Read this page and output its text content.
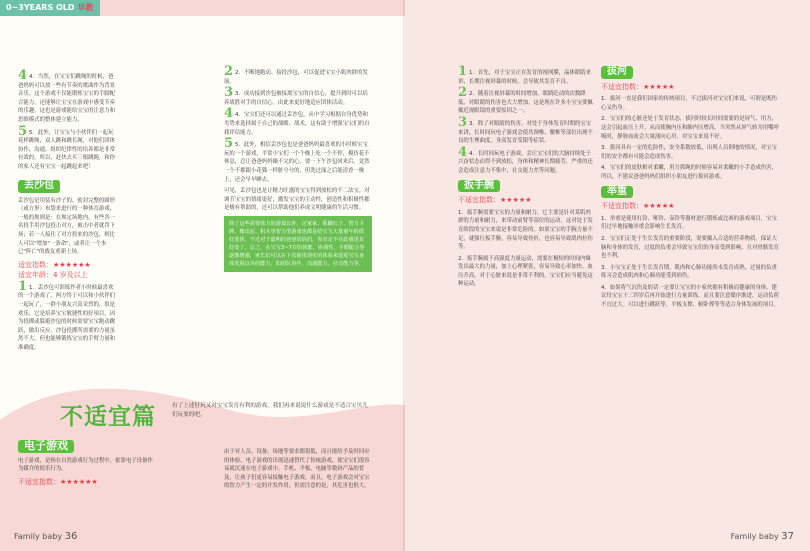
0~3YEARS OLD 早教

4 4．当然，在宝宝们跳绳的时候，爸爸妈妈可以放一些有节奏的歌曲作为背景音乐。这个游戏不仅能锻炼宝宝的手脚配合能力，还能够让宝宝在游戏中感受节奏的乐趣，这也是游戏能给宝宝的注意力和思维模式的整体建立能力。

5 5．此外，让宝宝与小伙伴们一起玩花样跳绳，双人跳和跳长绳，对他们团体协作、沟通、组织纪律性的培养都是非常有效的，所以，赶快去买三根跳绳，和你的家人还有宝宝一起跳起来吧！

丢沙包

丢沙包是用装有沙子的、密封完整的圆形（或方形）布袋来进行的一种体育游戏，一般的规则是：在规定场地内，有些各一名投手用沙包投击对方，被击中者就罚下场；若一人接住了对方投来的沙包，则比人可以"增加"一条命"，或者让一个本已"阵亡"的战友重新上场。

适宜指数：★★★★★★
适宜年龄：4 岁及以上

1 1．丢沙包可训练作者小时候最喜欢的一个游戏了，两方终于可以和小伙伴们一起玩了，一群小朋友兴高采烈的，很是欢乐。它是培养宝宝敏捷性的好项目，因为投掷或躲避沙包的时候需要宝宝跑动跳跃，做出反应。沙包投掷所需要的力量虽然不大，但也能够锻炼宝宝的手臂力量和准确度。

2 2．不断地跑动、接投沙包，可以促进宝宝小肌肉群的发展。

3 3．成功接到沙包被接离宝宝的自信心，提升到时可以培养战胜对手的自信心。由此来更好地适应团体活动。

4 4．宝宝们还可以通过丢沙包，从中学习根据自身优势和劣势来选择属于自己的战略、战术，这有助于增强宝宝们的自我评估能力。

5 5．此外，相信丢沙包也是爸爸妈妈最喜欢的小时候宝宝玩的一个游戏，平常小宝们一个个晚上吃一个不停，模仿花不休息，总让爸爸妈妈操不完的心，要一下午沙包回来后，竟然一个不都跟小花猫一样脏兮兮的，但洗过澡之后能清香一晚上，还会早早睡去。

可见，丢沙包也是让精力旺盛的宝宝得到放松的不二法宝。对调节宝宝的情绪更好，激发宝宝的主动性，创造性和积极性都是极有帮助的，还可以帮助他们养成文明健康的生活习惯。

除了这些需要体力的游戏以外，过家家、抓蝴石子、智力卡牌、橡皮泥、积木等智力型游戏也都是给宝宝大量童年的很好选择，不过对于聪明的爸爸妈妈们，你肯定不在此重述其好处了。总之，在宝宝3~7岁的体能、协调性、手眼配合等逐渐增强，家长们可以在下次使用现实的体验来促进宝宝身体发展以外的能力，如团队协作、沟通能力、社交能力等。
不适宜篇	有了上述好玩又对宝宝发育有利的游戏，我们再来说说什么游戏是不适合宝贝儿们玩耍的吧。
电子游戏

电子游戏，是指在自然游戏行为过程中，依靠电子设备作为媒介的娱乐行为。

不适宜指数：★★★★★★

由于对人员、设备、场地等要求都很低，而且能给予及时回应的体验，电子游戏的出现迅速替代了传统游戏，使宝宝们很容易就沉迷在电子游戏中。手机、平板、电脑等数码产品的普及，让孩子们更容易接触电子游戏。而且，电子游戏会对宝宝的智力产生一定的开发作用，但需注意的是，其危害也很大。

Family baby 36

1 1．首先，对于宝宝正在发育的视网膜，晶体眼睛来讲，长期注视屏幕的时候，会导致其发育不良。

2 2．随着注视屏幕的时间增加，眼睛眨动的次数降低，对眼睛的伤害也大大增加。这是现在许多小宝宝要佩戴近视眼镜的重要原因之一。

3 3．除了对眼睛的伤害，对处于身体发育时期的宝宝来讲，长时间玩电子游戏会使其颈椎、腰椎等部位出现不良的生理曲度，身高发育受限等症状。

4 4．长时间玩电子游戏，会让宝宝们的大脑持续处于兴奋状态而得不到放松，身体和精神长期疲劳，严重的还会造成注意力不集中、社交能力差等问题。

扳手腕
不适宜指数：★★★★★

1．扳手腕需要宝宝的力量和耐力，它主要是针对某肌肉群的力量和耐力，来带动前臂等部位的运动，这对处于发育阶段的宝宝来说是非常危险的。如果宝宝的手腕力量不足，就强行扳手腕，容易导致骨折，也容易导致肌肉拉伤等。

2．扳手腕属于高强度力量运动，需要在极短的时间内爆发出最大的力量，加上心理紧张，容易导致心率加快、血压升高，对于心脏来说是非常不利的。宝宝们应当避免这种运动。

拔河
不适宜指数：★★★★★

1．拔河一直是我们国家的传统项目，不过拔河对宝宝们来说，可谓是既伤心又伤身。

2．宝宝们的心脏还处于发育状态，拔河时较长时间需要的是屏气、用力，这会引起血压上升，从而使胸内压和肺内压增高，当突然从屏气转为用嘴呼吸时，静脉血流会大量涌向心房，对宝宝来说不好。

3．拔河具有一定的危险性，安全系数较低，出现人员倒地的情况，对宝宝们的安全都有可能会造成伤害。

4．宝宝们的皮肤相对柔嫩，用力抓绳的时候容易对柔嫩的小手造成伤害，所以，不建议爸爸妈妈们组织小朋友进行拔河游戏。

举重
不适宜指数：★★★★★

1．举重是使用杠铃、哑铃、壶铃等器材进行锻炼或比赛的游戏项目，宝宝们过早地接触举重会影响生长发育。

2．宝宝们正处于生长发育的重要阶段，需要摄入合适的营养物质，保证大脑和身体的发育，过度的负重会导致宝宝们的身高受到影响，且对骨骼发育也不利。

3．小宝宝正处于生长发育期，肌肉和心肺功能尚未发育成熟，过量的负重练习会造成肌肉和心肺功能受到损伤。

4．如果将气沉伤及的话一定要让宝宝的小家伙拥有积极而健康的身体，建议每宝宝十三四岁后再开始进行力量训练。而且要注意循序渐进，运动负荷不宜过大。可以进行跳跃等，平板支撑、俯卧撑等等适合身体发展的项目。

Family baby 37
